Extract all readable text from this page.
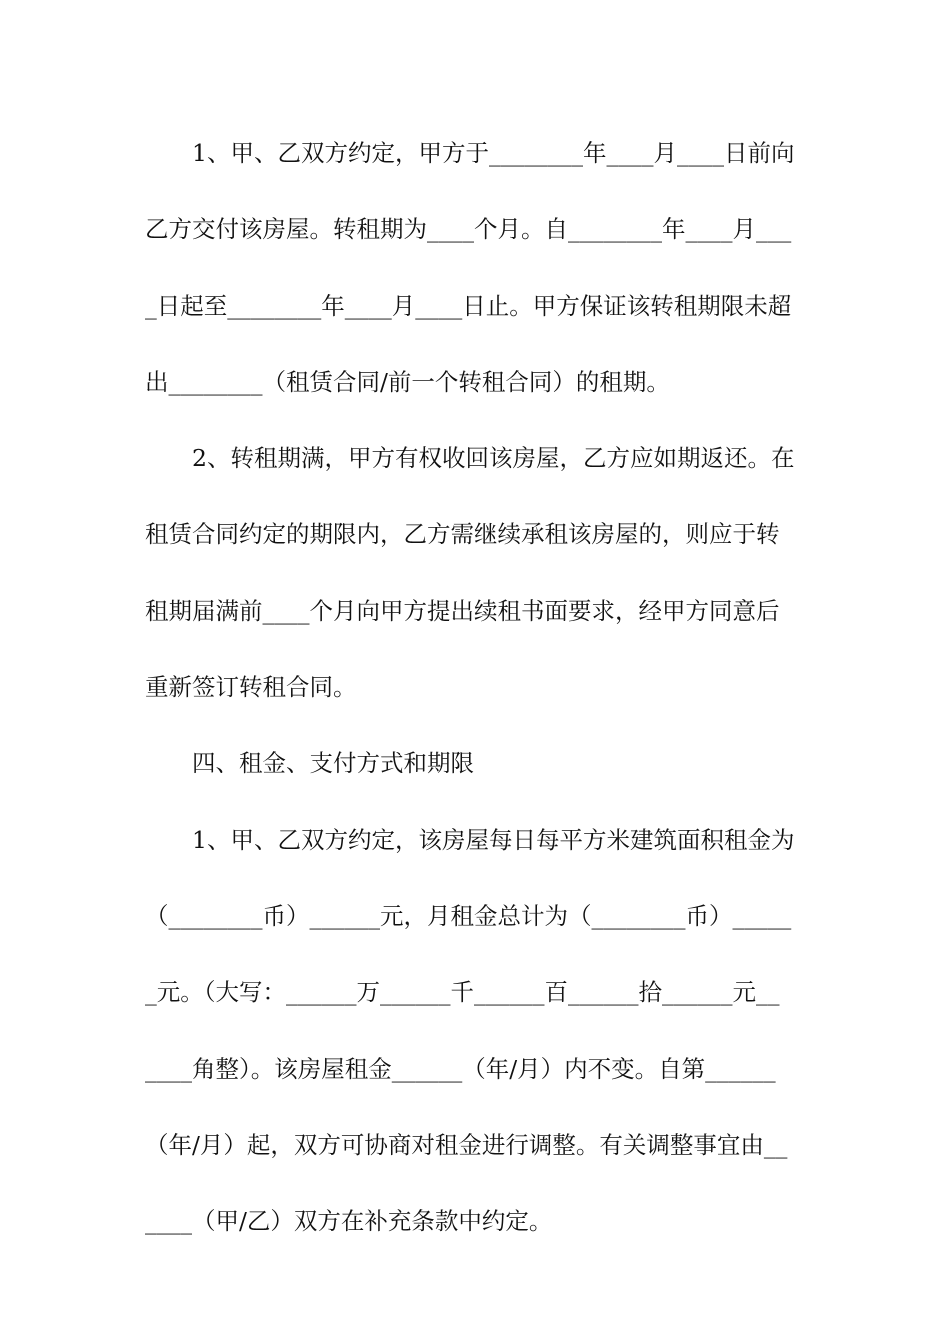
1、甲、乙双方约定，甲方于________年____月____日前向
乙方交付该房屋。转租期为____个月。自________年____月___
_日起至________年____月____日止。甲方保证该转租期限未超
出________（租赁合同/前一个转租合同）的租期。
2、转租期满，甲方有权收回该房屋，乙方应如期返还。在
租赁合同约定的期限内，乙方需继续承租该房屋的，则应于转
租期届满前____个月向甲方提出续租书面要求，经甲方同意后
重新签订转租合同。
四、租金、支付方式和期限
1、甲、乙双方约定，该房屋每日每平方米建筑面积租金为
（________币）______元，月租金总计为（________币）_____
_元。（大写：______万______千______百______拾______元__
____角整）。该房屋租金______（年/月）内不变。自第______
（年/月）起，双方可协商对租金进行调整。有关调整事宜由__
____（甲/乙）双方在补充条款中约定。
